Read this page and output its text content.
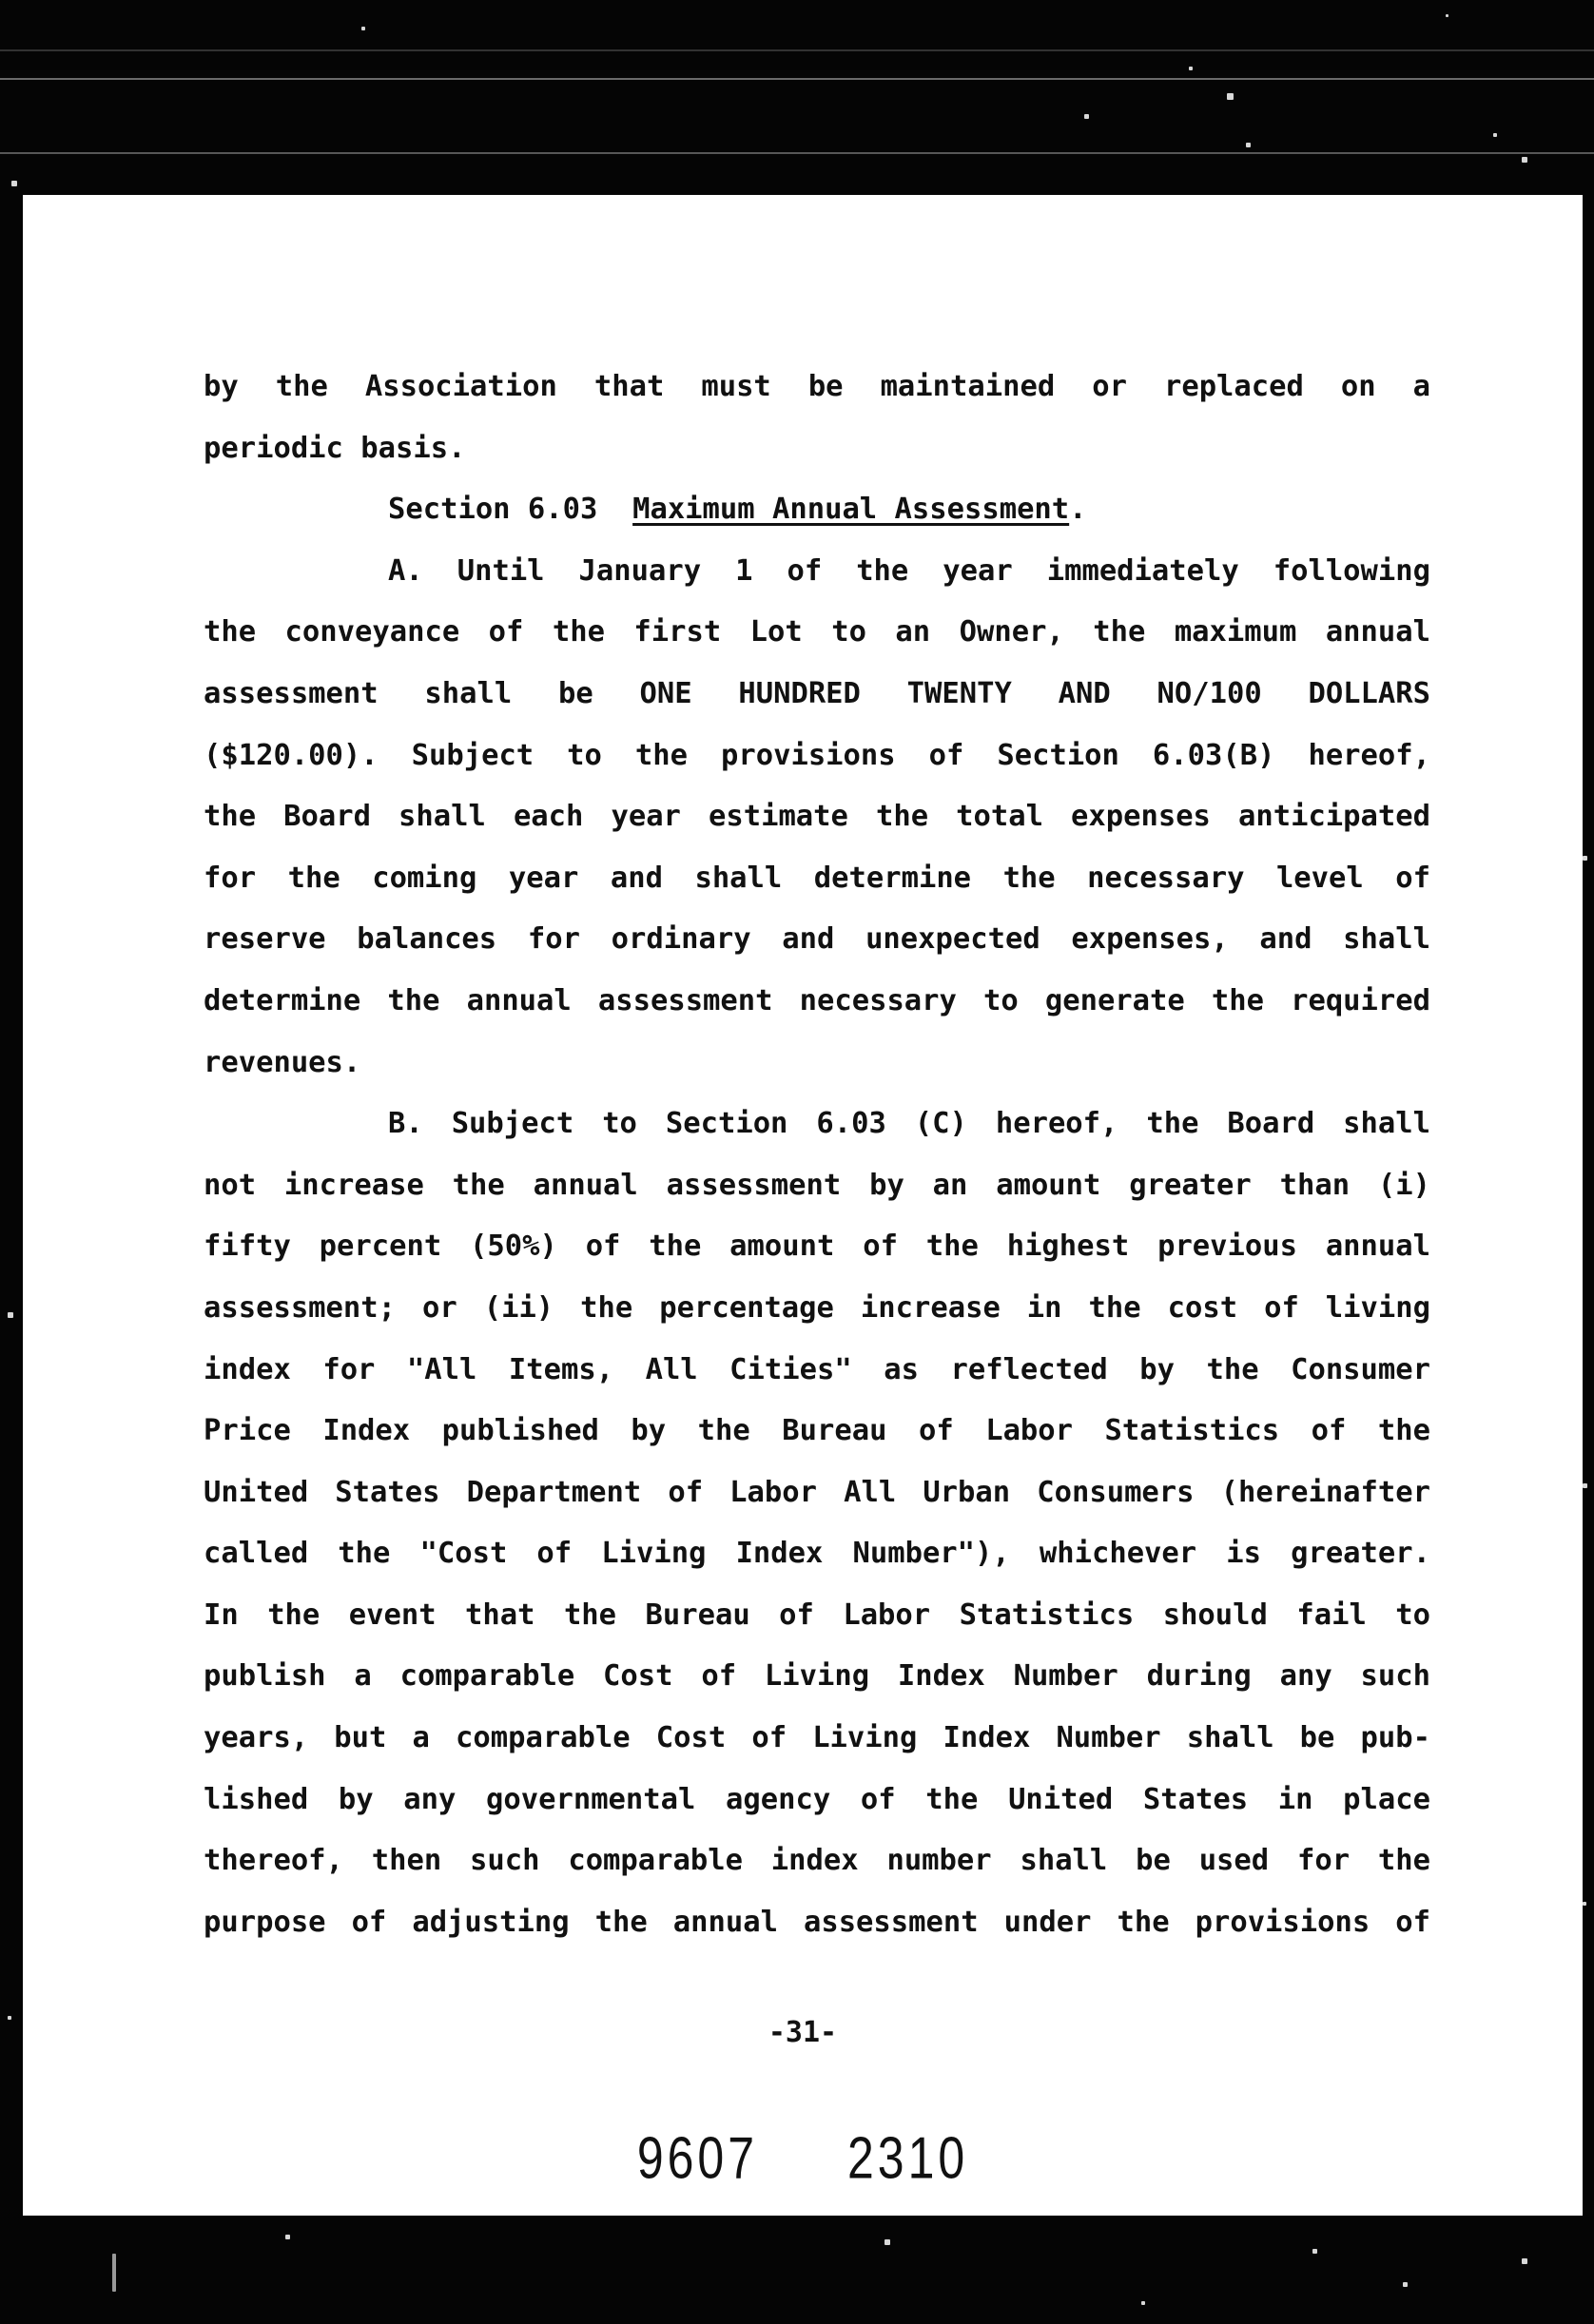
by the Association that must be maintained or replaced on a
periodic basis.
Section 6.03 Maximum Annual Assessment.
A. Until January 1 of the year immediately following
the conveyance of the first Lot to an Owner, the maximum annual
assessment shall be ONE HUNDRED TWENTY AND NO/100 DOLLARS
($120.00). Subject to the provisions of Section 6.03(B) hereof,
the Board shall each year estimate the total expenses anticipated
for the coming year and shall determine the necessary level of
reserve balances for ordinary and unexpected expenses, and shall
determine the annual assessment necessary to generate the required
revenues.
B. Subject to Section 6.03 (C) hereof, the Board shall
not increase the annual assessment by an amount greater than (i)
fifty percent (50%) of the amount of the highest previous annual
assessment; or (ii) the percentage increase in the cost of living
index for "All Items, All Cities" as reflected by the Consumer
Price Index published by the Bureau of Labor Statistics of the
United States Department of Labor All Urban Consumers (hereinafter
called the "Cost of Living Index Number"), whichever is greater.
In the event that the Bureau of Labor Statistics should fail to
publish a comparable Cost of Living Index Number during any such
years, but a comparable Cost of Living Index Number shall be pub-
lished by any governmental agency of the United States in place
thereof, then such comparable index number shall be used for the
purpose of adjusting the annual assessment under the provisions of
-31-
9607 2310
